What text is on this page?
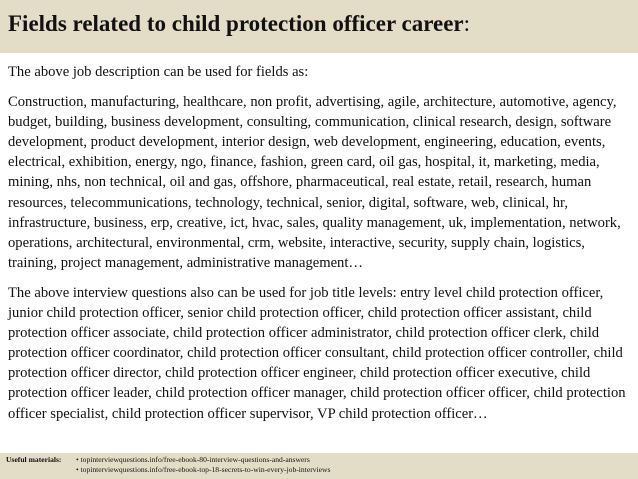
Fields related to child protection officer career:

The above job description can be used for fields as:

Construction, manufacturing, healthcare, non profit, advertising, agile, architecture, automotive, agency, budget, building, business development, consulting, communication, clinical research, design, software development, product development, interior design, web development, engineering, education, events, electrical, exhibition, energy, ngo, finance, fashion, green card, oil gas, hospital, it, marketing, media, mining, nhs, non technical, oil and gas, offshore, pharmaceutical, real estate, retail, research, human resources, telecommunications, technology, technical, senior, digital, software, web, clinical, hr, infrastructure, business, erp, creative, ict, hvac, sales, quality management, uk, implementation, network, operations, architectural, environmental, crm, website, interactive, security, supply chain, logistics, training, project management, administrative management…

The above interview questions also can be used for job title levels: entry level child protection officer, junior child protection officer, senior child protection officer, child protection officer assistant, child protection officer associate, child protection officer administrator, child protection officer clerk, child protection officer coordinator, child protection officer consultant, child protection officer controller, child protection officer director, child protection officer engineer, child protection officer executive, child protection officer leader, child protection officer manager, child protection officer officer, child protection officer specialist, child protection officer supervisor, VP child protection officer…

Useful materials: • topinterviewquestions.info/free-ebook-80-interview-questions-and-answers
• topinterviewquestions.info/free-ebook-top-18-secrets-to-win-every-job-interviews
